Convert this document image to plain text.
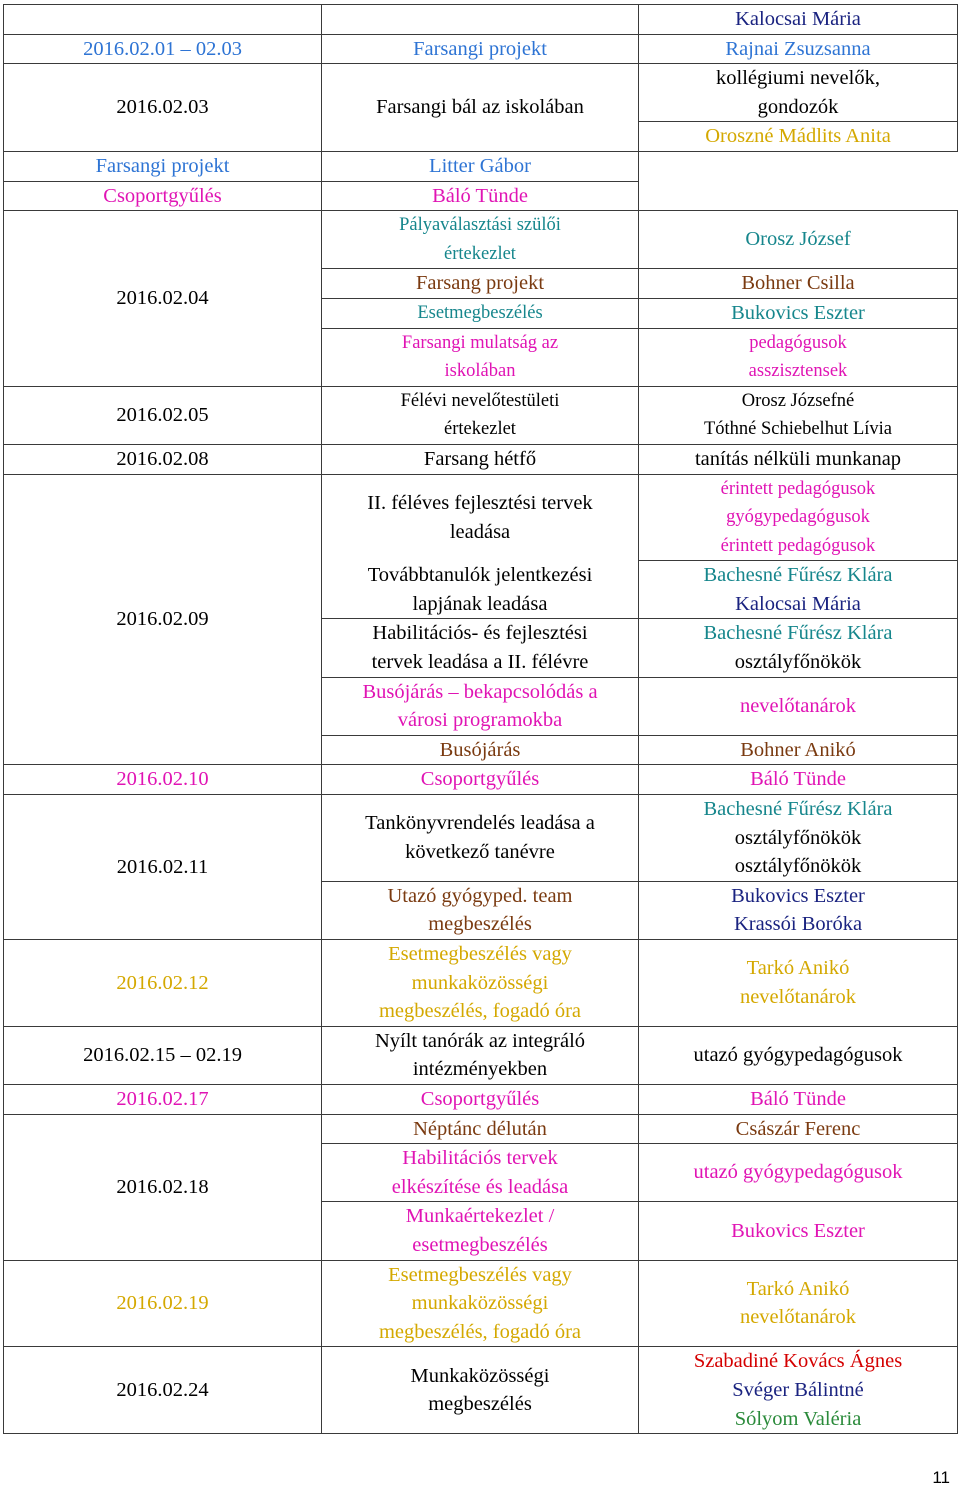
		Kalocsai Mária

2016.02.01 – 02.03	Farsangi projekt	Rajnai Zsuzsanna

2016.02.03	Farsangi bál az iskolában	kollégiumi nevelők,
gondozók

		Oroszné Mádlits Anita

Farsangi projekt	Litter Gábor	

Csoportgyűlés	Báló Tünde	

2016.02.04	Pályaválasztási szülői
értekezlet	Orosz József

	Farsang projekt	Bohner Csilla

	Esetmegbeszélés	Bukovics Eszter

	Farsangi mulatság az
iskolában	pedagógusok
asszisztensek

2016.02.05	Félévi nevelőtestületi
értekezlet	Orosz Józsefné
Tóthné Schiebelhut Lívia

2016.02.08	Farsang hétfő	tanítás nélküli munkanap

2016.02.09	II. féléves fejlesztési tervek
leadása	érintett pedagógusok
gyógypedagógusok
érintett pedagógusok

	Továbbtanulók jelentkezési
lapjának leadása	Bachesné Fűrész Klára
Kalocsai Mária

	Habilitációs- és fejlesztési
tervek leadása a II. félévre	Bachesné Fűrész Klára
osztályfőnökök

	Busójárás – bekapcsolódás a
városi programokba	nevelőtanárok

	Busójárás	Bohner Anikó

2016.02.10	Csoportgyűlés	Báló Tünde

2016.02.11	Tankönyvrendelés leadása a
következő tanévre	Bachesné Fűrész Klára
osztályfőnökök
osztályfőnökök

	Utazó gyógyped. team
megbeszélés	Bukovics Eszter
Krassói Boróka

2016.02.12	Esetmegbeszélés vagy
munkaközösségi
megbeszélés, fogadó óra	Tarkó Anikó
nevelőtanárok

2016.02.15 – 02.19	Nyílt tanórák az integráló
intézményekben	utazó gyógypedagógusok

2016.02.17	Csoportgyűlés	Báló Tünde

2016.02.18	Néptánc délután	Császár Ferenc

	Habilitációs tervek
elkészítése és leadása	utazó gyógypedagógusok

	Munkaértekezlet /
esetmegbeszélés	Bukovics Eszter

2016.02.19	Esetmegbeszélés vagy
munkaközösségi
megbeszélés, fogadó óra	Tarkó Anikó
nevelőtanárok

2016.02.24	Munkaközösségi
megbeszélés	Szabadiné Kovács Ágnes
Svéger Bálintné
Sólyom Valéria
11
